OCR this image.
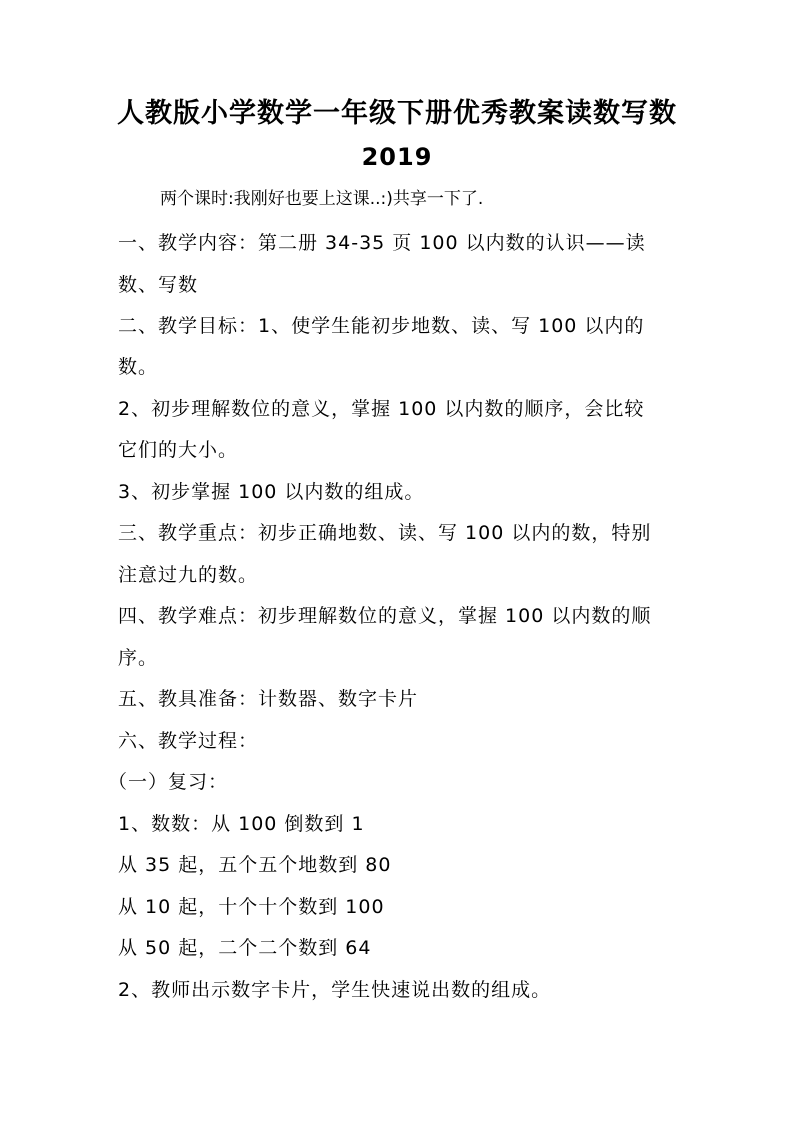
人教版小学数学一年级下册优秀教案读数写数
2019
两个课时:我刚好也要上这课..:)共享一下了.
一、教学内容：第二册 34-35 页 100 以内数的认识——读
数、写数
二、教学目标：1、使学生能初步地数、读、写 100 以内的
数。
2、初步理解数位的意义，掌握 100 以内数的顺序，会比较
它们的大小。
3、初步掌握 100 以内数的组成。
三、教学重点：初步正确地数、读、写 100 以内的数，特别
注意过九的数。
四、教学难点：初步理解数位的意义，掌握 100 以内数的顺
序。
五、教具准备：计数器、数字卡片
六、教学过程：
（一）复习：
1、数数：从 100 倒数到 1
从 35 起，五个五个地数到 80
从 10 起，十个十个数到 100
从 50 起，二个二个数到 64
2、教师出示数字卡片，学生快速说出数的组成。
